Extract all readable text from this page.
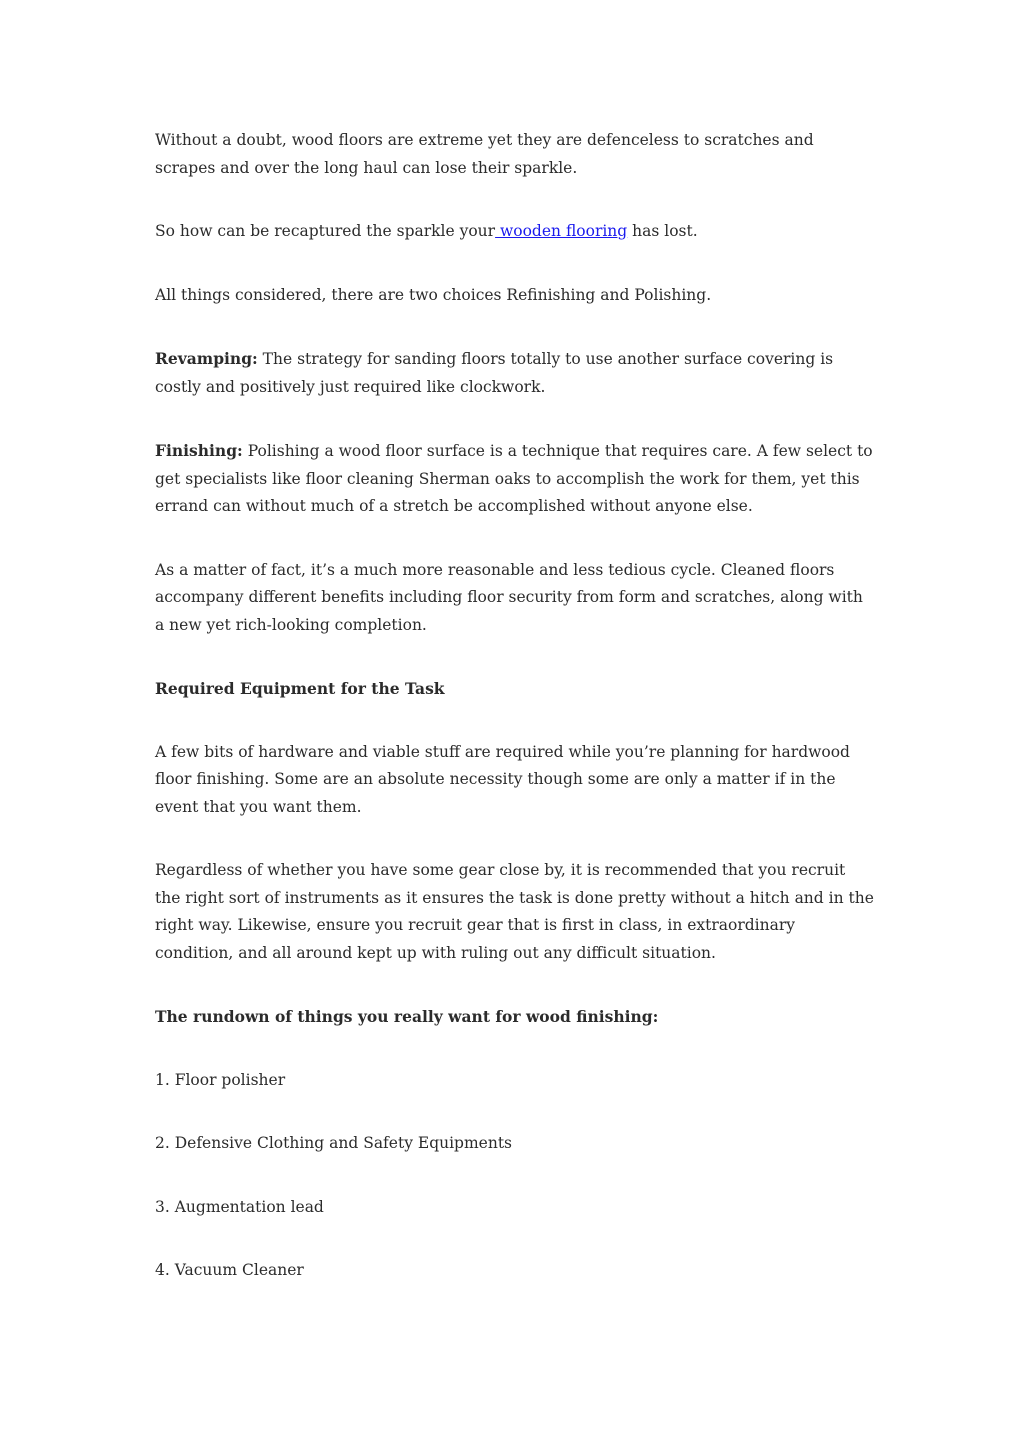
Without a doubt, wood floors are extreme yet they are defenceless to scratches and scrapes and over the long haul can lose their sparkle.

So how can be recaptured the sparkle your wooden flooring has lost.

All things considered, there are two choices Refinishing and Polishing.

Revamping: The strategy for sanding floors totally to use another surface covering is costly and positively just required like clockwork.

Finishing: Polishing a wood floor surface is a technique that requires care. A few select to get specialists like floor cleaning Sherman oaks to accomplish the work for them, yet this errand can without much of a stretch be accomplished without anyone else.

As a matter of fact, it’s a much more reasonable and less tedious cycle. Cleaned floors accompany different benefits including floor security from form and scratches, along with a new yet rich-looking completion.

Required Equipment for the Task

A few bits of hardware and viable stuff are required while you’re planning for hardwood floor finishing. Some are an absolute necessity though some are only a matter if in the event that you want them.

Regardless of whether you have some gear close by, it is recommended that you recruit the right sort of instruments as it ensures the task is done pretty without a hitch and in the right way. Likewise, ensure you recruit gear that is first in class, in extraordinary condition, and all around kept up with ruling out any difficult situation.

The rundown of things you really want for wood finishing:

1. Floor polisher

2. Defensive Clothing and Safety Equipments

3. Augmentation lead

4. Vacuum Cleaner
